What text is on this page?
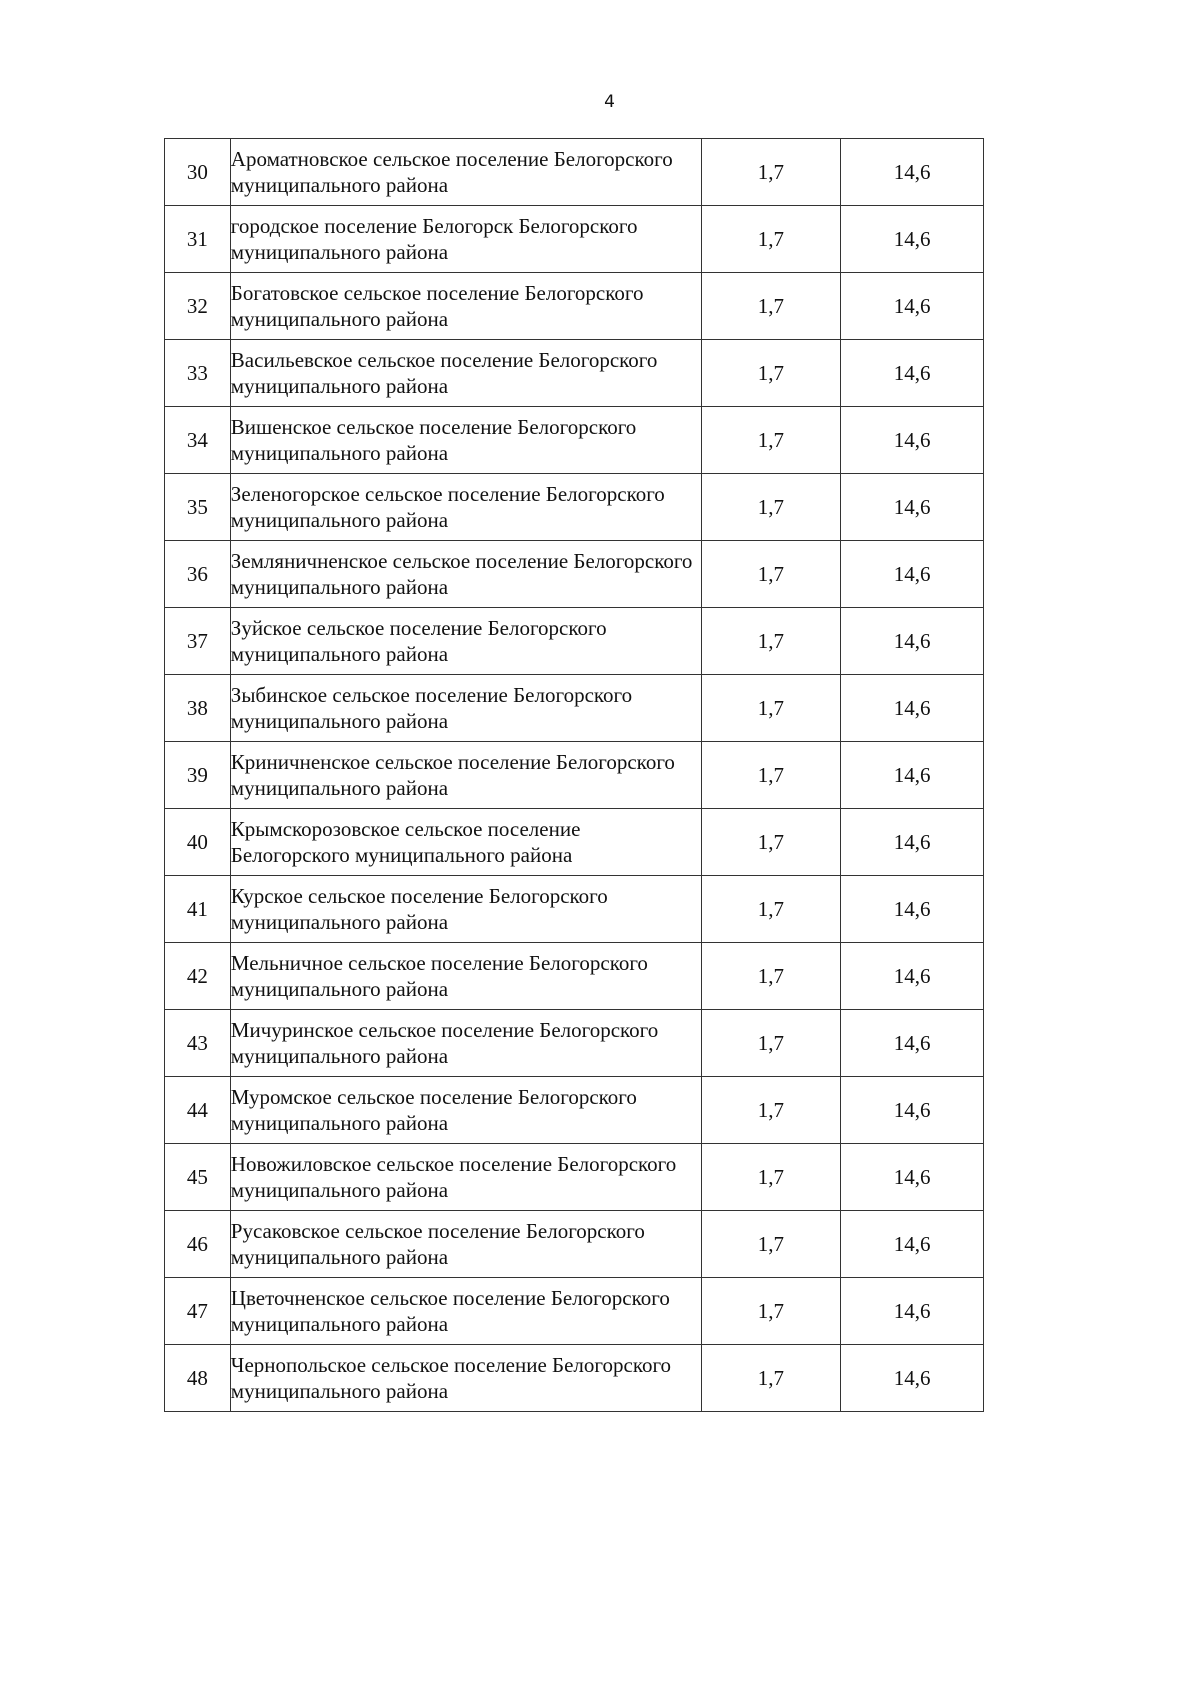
4
30	Ароматновское сельское поселение Белогорского муниципального района	1,7	14,6
31	городское поселение Белогорск Белогорского муниципального района	1,7	14,6
32	Богатовское сельское поселение Белогорского муниципального района	1,7	14,6
33	Васильевское сельское поселение Белогорского муниципального района	1,7	14,6
34	Вишенское сельское поселение Белогорского муниципального района	1,7	14,6
35	Зеленогорское сельское поселение Белогорского муниципального района	1,7	14,6
36	Земляничненское сельское поселение Белогорского муниципального района	1,7	14,6
37	Зуйское сельское поселение Белогорского муниципального района	1,7	14,6
38	Зыбинское сельское поселение Белогорского муниципального района	1,7	14,6
39	Криничненское сельское поселение Белогорского муниципального района	1,7	14,6
40	Крымскорозовское сельское поселение Белогорского муниципального района	1,7	14,6
41	Курское сельское поселение Белогорского муниципального района	1,7	14,6
42	Мельничное сельское поселение Белогорского муниципального района	1,7	14,6
43	Мичуринское сельское поселение Белогорского муниципального района	1,7	14,6
44	Муромское сельское поселение Белогорского муниципального района	1,7	14,6
45	Новожиловское сельское поселение Белогорского муниципального района	1,7	14,6
46	Русаковское сельское поселение Белогорского муниципального района	1,7	14,6
47	Цветочненское сельское поселение Белогорского муниципального района	1,7	14,6
48	Чернопольское сельское поселение Белогорского муниципального района	1,7	14,6
